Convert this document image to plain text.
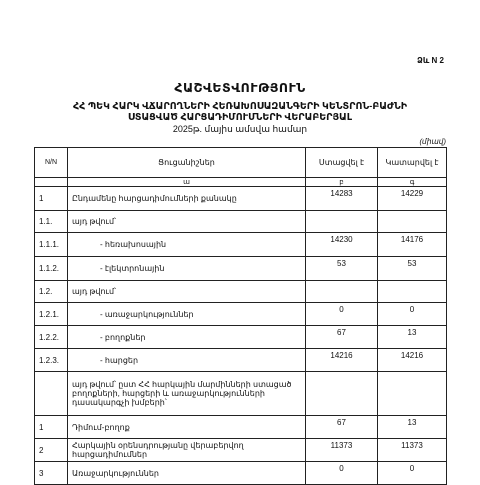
Ձև N 2
ՀԱՇՎԵՏՎՈՒԹՅՈՒՆ
ՀՀ ՊԵԿ ՀԱՐԿ ՎՃԱՐՈՂՆԵՐԻ ՀԵՌԱԽՈՍԱԶԱՆԳԵՐԻ ԿԵՆՏՐՈՆ-ԲԱԺՆԻ
ՍՏԱՑՎԱԾ ՀԱՐՑԱԴԻՄՈՒՄՆԵՐԻ ՎԵՐԱԲԵՐՅԱԼ
2025թ. մայիս ամսվա համար
(միավ)
N/N	Ցուցանիշներ	Ստացվել է	Կատարվել է
	ա	բ	գ
1	Ընդամենը հարցադիմումների քանակը	14283	14229
1.1.	այդ թվում՝		
1.1.1.	- հեռախոսային	14230	14176
1.1.2.	- էլեկտրոնային	53	53
1.2.	այդ թվում՝		
1.2.1.	- առաջարկություններ	0	0
1.2.2.	- բողոքներ	67	13
1.2.3.	- հարցեր	14216	14216
	այդ թվում՝ ըստ ՀՀ հարկային մարմինների ստացած բողոքների, հարցերի և առաջարկությունների դասակարգչի խմբերի՝		
1	Դիմում-բողոք	67	13
2	Հարկային օրենսդրությանը վերաբերվող հարցադիմումներ	11373	11373
3	Առաջարկություններ	0	0
